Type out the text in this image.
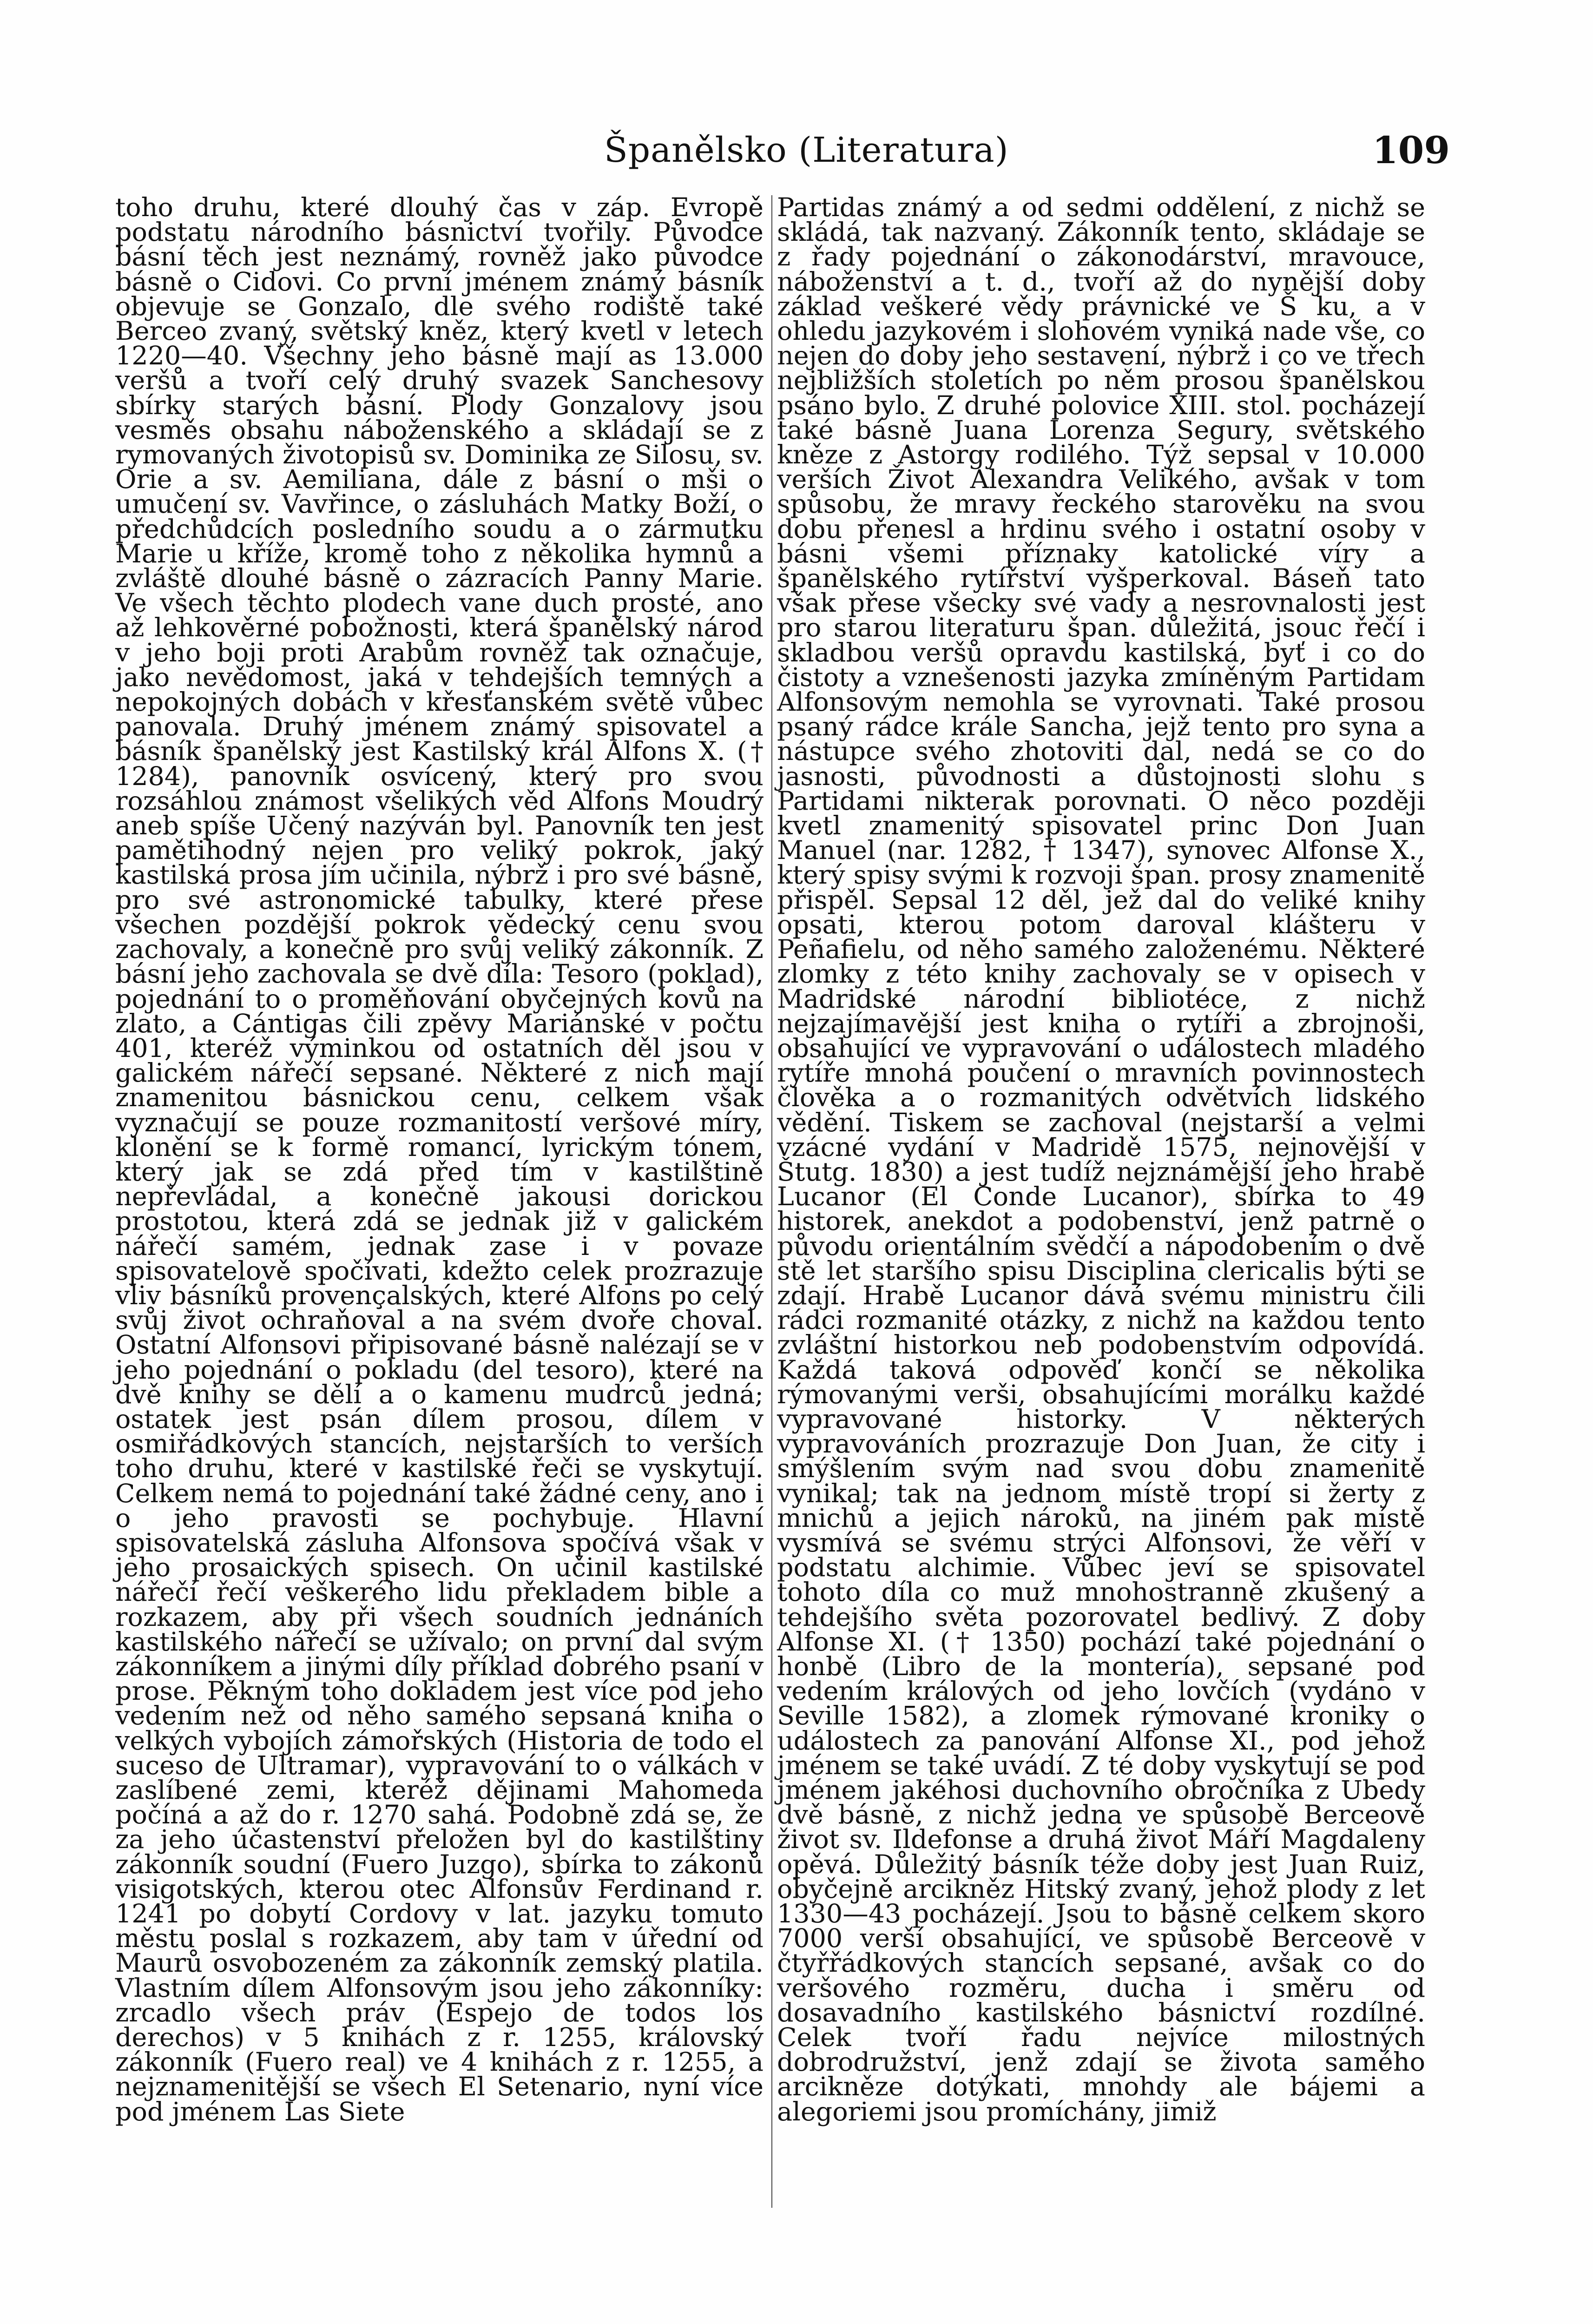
Španělsko (Literatura)	109

toho druhu, které dlouhý čas v záp. Evropě podstatu národního básnictví tvořily. Původce básní těch jest neznámý, rovněž jako původce básně o Cidovi. Co první jménem známý básník objevuje se Gonzalo, dle svého rodiště také Berceo zvaný, světský kněz, který kvetl v letech 1220—40. Všechny jeho básně mají as 13.000 veršů a tvoří celý druhý svazek Sanchesovy sbírky starých básní. Plody Gonzalovy jsou vesměs obsahu náboženského a skládají se z rymovaných životopisů sv. Dominika ze Silosu, sv. Orie a sv. Aemiliana, dále z básní o mši o umučení sv. Vavřince, o zásluhách Matky Boží, o předchůdcích posledního soudu a o zármutku Marie u kříže, kromě toho z několika hymnů a zvláště dlouhé básně o zázracích Panny Marie. Ve všech těchto plodech vane duch prosté, ano až lehkověrné pobožnosti, která španělský národ v jeho boji proti Arabům rovněž tak označuje, jako nevědomost, jaká v tehdejších temných a nepokojných dobách v křesťanském světě vůbec panovala. Druhý jménem známý spisovatel a básník španělský jest Kastilský král Alfons X. († 1284), panovník osvícený, který pro svou rozsáhlou známost všelikých věd Alfons Moudrý aneb spíše Učený nazýván byl. Panovník ten jest pamětihodný nejen pro veliký pokrok, jaký kastilská prosa jím učinila, nýbrž i pro své básně, pro své astronomické tabulky, které přese všechen pozdější pokrok vědecký cenu svou zachovaly, a konečně pro svůj veliký zákonník. Z básní jeho zachovala se dvě díla: Tesoro (poklad), pojednání to o proměňování obyčejných kovů na zlato, a Cántigas čili zpěvy Mariánské v počtu 401, kteréž výminkou od ostatních děl jsou v galickém nářečí sepsané. Některé z nich mají znamenitou básnickou cenu, celkem však vyznačují se pouze rozmanitostí veršové míry, klonění se k formě romancí, lyrickým tónem, který jak se zdá před tím v kastilštině nepřevládal, a konečně jakousi dorickou prostotou, která zdá se jednak již v galickém nářečí samém, jednak zase i v povaze spisovatelově spočívati, kdežto celek prozrazuje vliv básníků provençalských, které Alfons po celý svůj život ochraňoval a na svém dvoře choval. Ostatní Alfonsovi připisované básně nalézají se v jeho pojednání o pokladu (del tesoro), které na dvě knihy se dělí a o kamenu mudrců jedná; ostatek jest psán dílem prosou, dílem v osmiřádkových stancích, nejstarších to verších toho druhu, které v kastilské řeči se vyskytují. Celkem nemá to pojednání také žádné ceny, ano i o jeho pravosti se pochybuje. Hlavní spisovatelská zásluha Alfonsova spočívá však v jeho prosaických spisech. On učinil kastilské nářečí řečí veškerého lidu překladem bible a rozkazem, aby při všech soudních jednáních kastilského nářečí se užívalo; on první dal svým zákonníkem a jinými díly příklad dobrého psaní v prose. Pěkným toho dokladem jest více pod jeho vedením než od něho samého sepsaná kniha o velkých vybojích zámořských (Historia de todo el suceso de Ultramar), vypravování to o válkách v zaslíbené zemi, kteréž dějinami Mahomeda počíná a až do r. 1270 sahá. Podobně zdá se, že za jeho účastenství přeložen byl do kastilštiny zákonník soudní (Fuero Juzgo), sbírka to zákonů visigotských, kterou otec Alfonsův Ferdinand r. 1241 po dobytí Cordovy v lat. jazyku tomuto městu poslal s rozkazem, aby tam v úřední od Maurů osvobozeném za zákonník zemský platila. Vlastním dílem Alfonsovým jsou jeho zákonníky: zrcadlo všech práv (Espejo de todos los derechos) v 5 knihách z r. 1255, královský zákonník (Fuero real) ve 4 knihách z r. 1255, a nejznamenitější se všech El Setenario, nyní více pod jménem Las Siete

Partidas známý a od sedmi oddělení, z nichž se skládá, tak nazvaný. Zákonník tento, skládaje se z řady pojednání o zákonodárství, mravouce, náboženství a t. d., tvoří až do nynější doby základ veškeré vědy právnické ve Š ku, a v ohledu jazykovém i slohovém vyniká nade vše, co nejen do doby jeho sestavení, nýbrž i co ve třech nejbližších stoletích po něm prosou španělskou psáno bylo. Z druhé polovice XIII. stol. pocházejí také básně Juana Lorenza Segury, světského kněze z Astorgy rodilého. Týž sepsal v 10.000 verších Život Alexandra Velikého, avšak v tom spůsobu, že mravy řeckého starověku na svou dobu přenesl a hrdinu svého i ostatní osoby v básni všemi příznaky katolické víry a španělského rytířství vyšperkoval. Báseň tato však přese všecky své vady a nesrovnalosti jest pro starou literaturu špan. důležitá, jsouc řečí i skladbou veršů opravdu kastilská, byť i co do čistoty a vznešenosti jazyka zmíněným Partidam Alfonsovým nemohla se vyrovnati. Také prosou psaný rádce krále Sancha, jejž tento pro syna a nástupce svého zhotoviti dal, nedá se co do jasnosti, původnosti a důstojnosti slohu s Partidami nikterak porovnati. O něco později kvetl znamenitý spisovatel princ Don Juan Manuel (nar. 1282, † 1347), synovec Alfonse X., který spisy svými k rozvoji špan. prosy znamenitě přispěl. Sepsal 12 děl, jež dal do veliké knihy opsati, kterou potom daroval klášteru v Peñafielu, od něho samého založenému. Některé zlomky z této knihy zachovaly se v opisech v Madridské národní bibliotéce, z nichž nejzajímavější jest kniha o rytíři a zbrojnoši, obsahující ve vypravování o událostech mladého rytíře mnohá poučení o mravních povinnostech člověka a o rozmanitých odvětvích lidského vědění. Tiskem se zachoval (nejstarší a velmi vzácné vydání v Madridě 1575, nejnovější v Štutg. 1830) a jest tudíž nejznámější jeho hrabě Lucanor (El Conde Lucanor), sbírka to 49 historek, anekdot a podobenství, jenž patrně o původu orientálním svědčí a nápodobením o dvě stě let staršího spisu Disciplina clericalis býti se zdají. Hrabě Lucanor dává svému ministru čili rádci rozmanité otázky, z nichž na každou tento zvláštní historkou neb podobenstvím odpovídá. Každá taková odpověď končí se několika rýmovanými verši, obsahujícími morálku každé vypravované historky. V některých vypravováních prozrazuje Don Juan, že city i smýšlením svým nad svou dobu znamenitě vynikal; tak na jednom místě tropí si žerty z mnichů a jejich nároků, na jiném pak místě vysmívá se svému strýci Alfonsovi, že věří v podstatu alchimie. Vůbec jeví se spisovatel tohoto díla co muž mnohostranně zkušený a tehdejšího světa pozorovatel bedlivý. Z doby Alfonse XI. († 1350) pochází také pojednání o honbě (Libro de la montería), sepsané pod vedením králových od jeho lovčích (vydáno v Seville 1582), a zlomek rýmované kroniky o událostech za panování Alfonse XI., pod jehož jménem se také uvádí. Z té doby vyskytují se pod jménem jakéhosi duchovního obročníka z Ubedy dvě básně, z nichž jedna ve spůsobě Berceově život sv. Ildefonse a druhá život Máří Magdaleny opěvá. Důležitý básník téže doby jest Juan Ruiz, obyčejně arcikněz Hitský zvaný, jehož plody z let 1330—43 pocházejí. Jsou to básně celkem skoro 7000 verší obsahující, ve spůsobě Berceově v čtyřřádkových stancích sepsané, avšak co do veršového rozměru, ducha i směru od dosavadního kastilského básnictví rozdílné. Celek tvoří řadu nejvíce milostných dobrodružství, jenž zdají se života samého arcikněze dotýkati, mnohdy ale bájemi a alegoriemi jsou promíchány, jimiž
